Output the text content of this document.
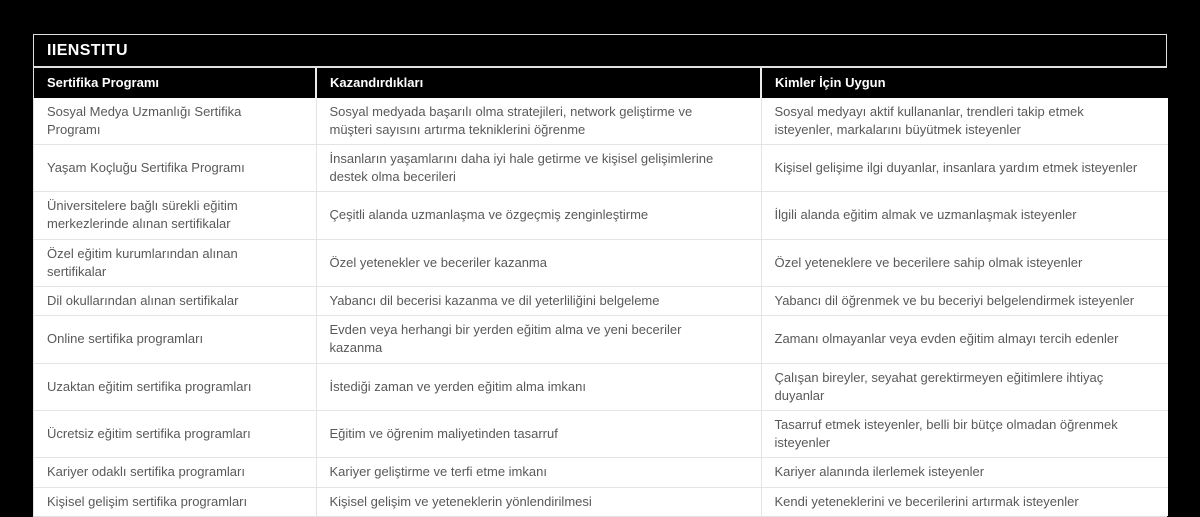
IIENSTITU
Sertifika Programı	Kazandırdıkları	Kimler İçin Uygun
Sosyal Medya Uzmanlığı Sertifika Programı	Sosyal medyada başarılı olma stratejileri, network geliştirme ve müşteri sayısını artırma tekniklerini öğrenme	Sosyal medyayı aktif kullananlar, trendleri takip etmek isteyenler, markalarını büyütmek isteyenler
Yaşam Koçluğu Sertifika Programı	İnsanların yaşamlarını daha iyi hale getirme ve kişisel gelişimlerine destek olma becerileri	Kişisel gelişime ilgi duyanlar, insanlara yardım etmek isteyenler
Üniversitelere bağlı sürekli eğitim merkezlerinde alınan sertifikalar	Çeşitli alanda uzmanlaşma ve özgeçmiş zenginleştirme	İlgili alanda eğitim almak ve uzmanlaşmak isteyenler
Özel eğitim kurumlarından alınan sertifikalar	Özel yetenekler ve beceriler kazanma	Özel yeteneklere ve becerilere sahip olmak isteyenler
Dil okullarından alınan sertifikalar	Yabancı dil becerisi kazanma ve dil yeterliliğini belgeleme	Yabancı dil öğrenmek ve bu beceriyi belgelendirmek isteyenler
Online sertifika programları	Evden veya herhangi bir yerden eğitim alma ve yeni beceriler kazanma	Zamanı olmayanlar veya evden eğitim almayı tercih edenler
Uzaktan eğitim sertifika programları	İstediği zaman ve yerden eğitim alma imkanı	Çalışan bireyler, seyahat gerektirmeyen eğitimlere ihtiyaç duyanlar
Ücretsiz eğitim sertifika programları	Eğitim ve öğrenim maliyetinden tasarruf	Tasarruf etmek isteyenler, belli bir bütçe olmadan öğrenmek isteyenler
Kariyer odaklı sertifika programları	Kariyer geliştirme ve terfi etme imkanı	Kariyer alanında ilerlemek isteyenler
Kişisel gelişim sertifika programları	Kişisel gelişim ve yeteneklerin yönlendirilmesi	Kendi yeteneklerini ve becerilerini artırmak isteyenler
